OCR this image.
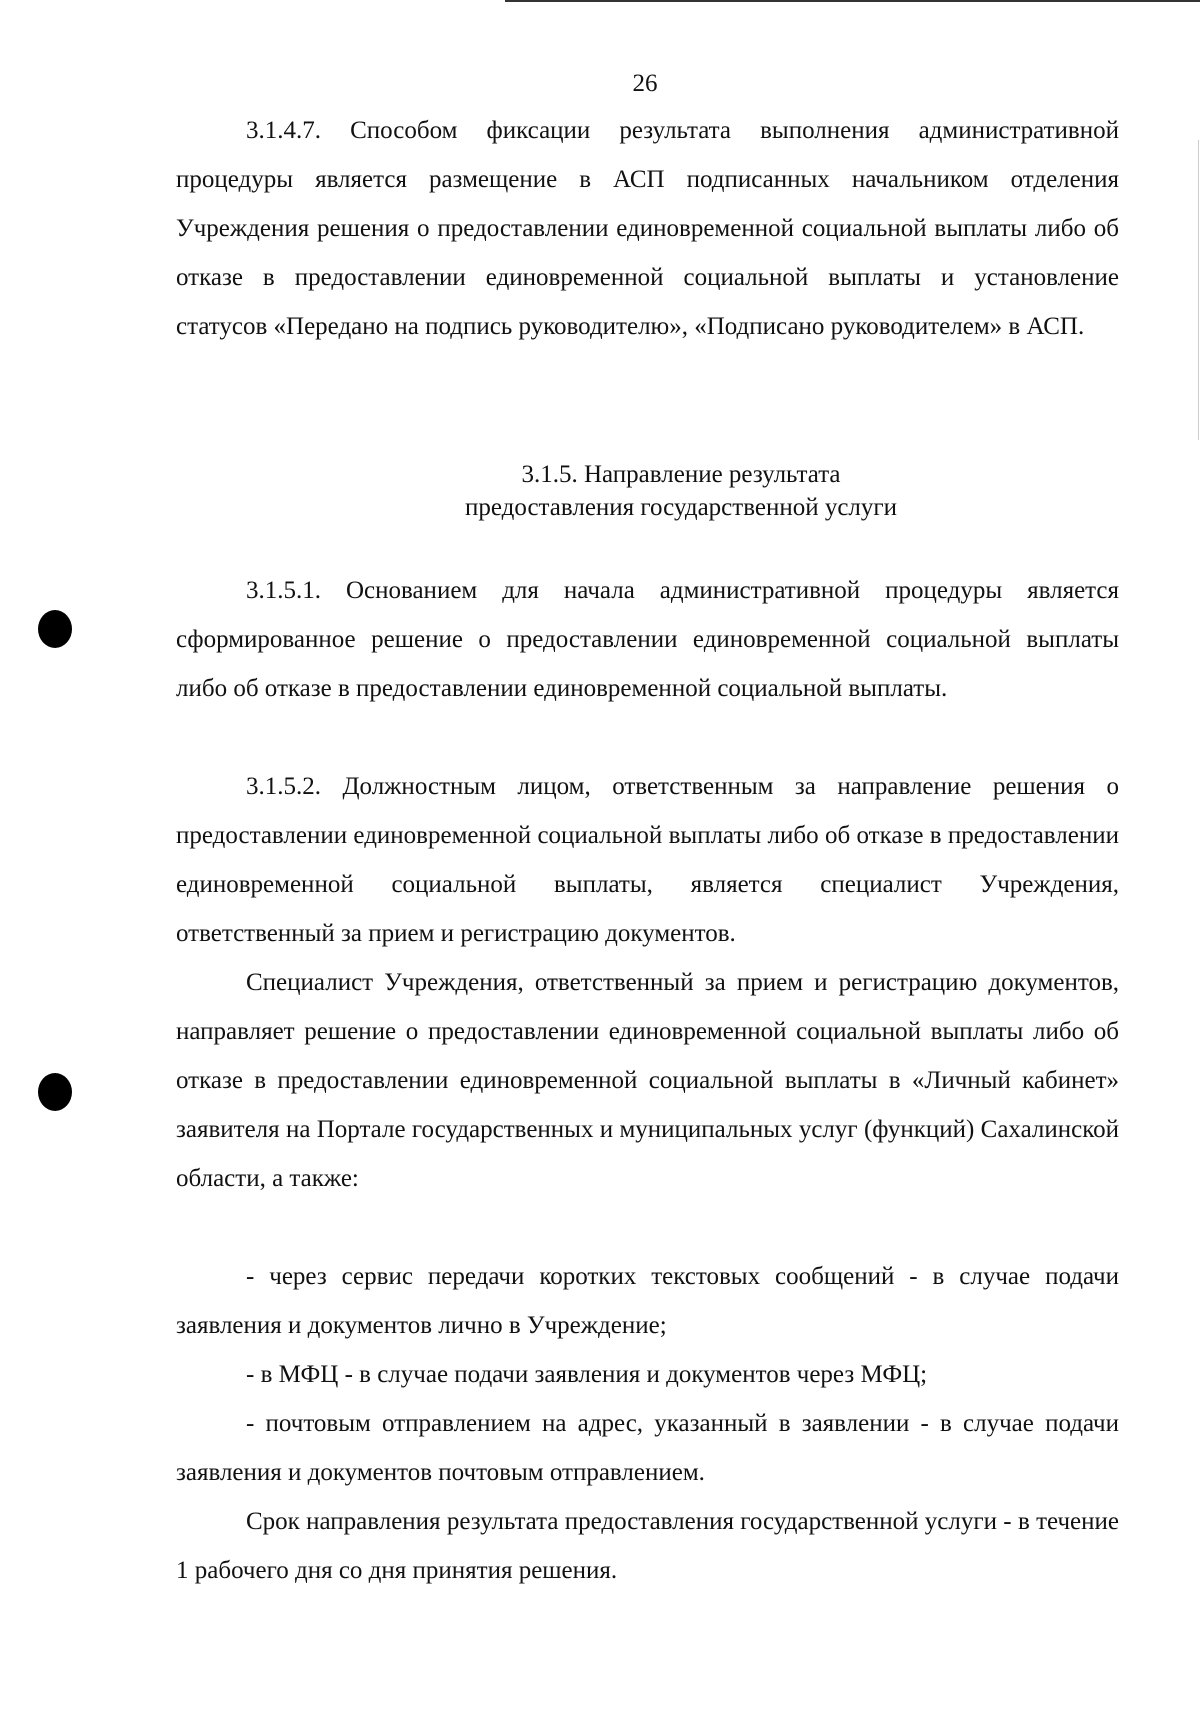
26

3.1.4.7. Способом фиксации результата выполнения административной процедуры является размещение в АСП подписанных начальником отделения Учреждения решения о предоставлении единовременной социальной выплаты либо об отказе в предоставлении единовременной социальной выплаты и установление статусов «Передано на подпись руководителю», «Подписано руководителем» в АСП.

3.1.5. Направление результата
предоставления государственной услуги

3.1.5.1. Основанием для начала административной процедуры является сформированное решение о предоставлении единовременной социальной выплаты либо об отказе в предоставлении единовременной социальной выплаты.

3.1.5.2. Должностным лицом, ответственным за направление решения о предоставлении единовременной социальной выплаты либо об отказе в предоставлении единовременной социальной выплаты, является специалист Учреждения, ответственный за прием и регистрацию документов.

Специалист Учреждения, ответственный за прием и регистрацию документов, направляет решение о предоставлении единовременной социальной выплаты либо об отказе в предоставлении единовременной социальной выплаты в «Личный кабинет» заявителя на Портале государственных и муниципальных услуг (функций) Сахалинской области, а также:

- через сервис передачи коротких текстовых сообщений - в случае подачи заявления и документов лично в Учреждение;

- в МФЦ - в случае подачи заявления и документов через МФЦ;

- почтовым отправлением на адрес, указанный в заявлении - в случае подачи заявления и документов почтовым отправлением.

Срок направления результата предоставления государственной услуги - в течение 1 рабочего дня со дня принятия решения.
